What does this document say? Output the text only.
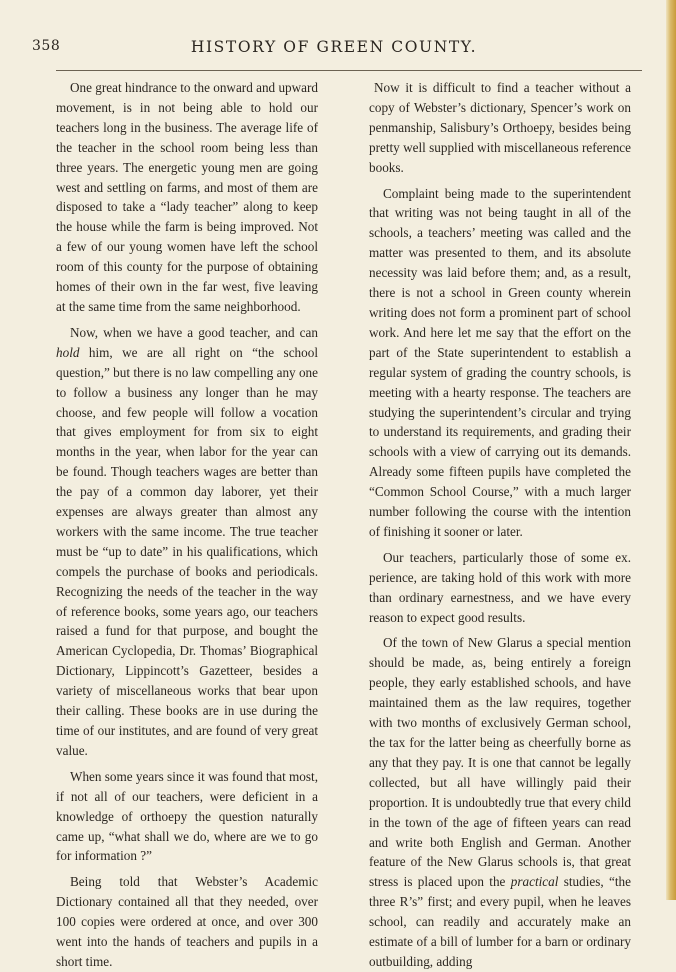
358	HISTORY OF GREEN COUNTY.

One great hindrance to the onward and upward movement, is in not being able to hold our teachers long in the business. The average life of the teacher in the school room being less than three years. The energetic young men are going west and settling on farms, and most of them are disposed to take a “lady teacher” along to keep the house while the farm is being improved. Not a few of our young women have left the school room of this county for the purpose of obtaining homes of their own in the far west, five leaving at the same time from the same neighborhood.

Now, when we have a good teacher, and can hold him, we are all right on “the school question,” but there is no law compelling any one to follow a business any longer than he may choose, and few people will follow a vocation that gives employment for from six to eight months in the year, when labor for the year can be found. Though teachers wages are better than the pay of a common day laborer, yet their expenses are always greater than almost any workers with the same income. The true teacher must be “up to date” in his qualifications, which compels the purchase of books and periodicals. Recognizing the needs of the teacher in the way of reference books, some years ago, our teachers raised a fund for that purpose, and bought the American Cyclopedia, Dr. Thomas’ Biographical Dictionary, Lippincott’s Gazetteer, besides a variety of miscellaneous works that bear upon their calling. These books are in use during the time of our institutes, and are found of very great value.

When some years since it was found that most, if not all of our teachers, were deficient in a knowledge of orthoepy the question naturally came up, “what shall we do, where are we to go for information ?”

Being told that Webster’s Academic Dictionary contained all that they needed, over 100 copies were ordered at once, and over 300 went into the hands of teachers and pupils in a short time.

Now it is difficult to find a teacher without a copy of Webster’s dictionary, Spencer’s work on penmanship, Salisbury’s Orthoepy, besides being pretty well supplied with miscellaneous reference books.

Complaint being made to the superintendent that writing was not being taught in all of the schools, a teachers’ meeting was called and the matter was presented to them, and its absolute necessity was laid before them; and, as a result, there is not a school in Green county wherein writing does not form a prominent part of school work. And here let me say that the effort on the part of the State superintendent to establish a regular system of grading the country schools, is meeting with a hearty response. The teachers are studying the superintendent’s circular and trying to understand its requirements, and grading their schools with a view of carrying out its demands. Already some fifteen pupils have completed the “Common School Course,” with a much larger number following the course with the intention of finishing it sooner or later.

Our teachers, particularly those of some ex. perience, are taking hold of this work with more than ordinary earnestness, and we have every reason to expect good results.

Of the town of New Glarus a special mention should be made, as, being entirely a foreign people, they early established schools, and have maintained them as the law requires, together with two months of exclusively German school, the tax for the latter being as cheerfully borne as any that they pay. It is one that cannot be legally collected, but all have willingly paid their proportion. It is undoubtedly true that every child in the town of the age of fifteen years can read and write both English and German. Another feature of the New Glarus schools is, that great stress is placed upon the practical studies, “the three R’s” first; and every pupil, when he leaves school, can readily and accurately make an estimate of a bill of lumber for a barn or ordinary outbuilding, adding
